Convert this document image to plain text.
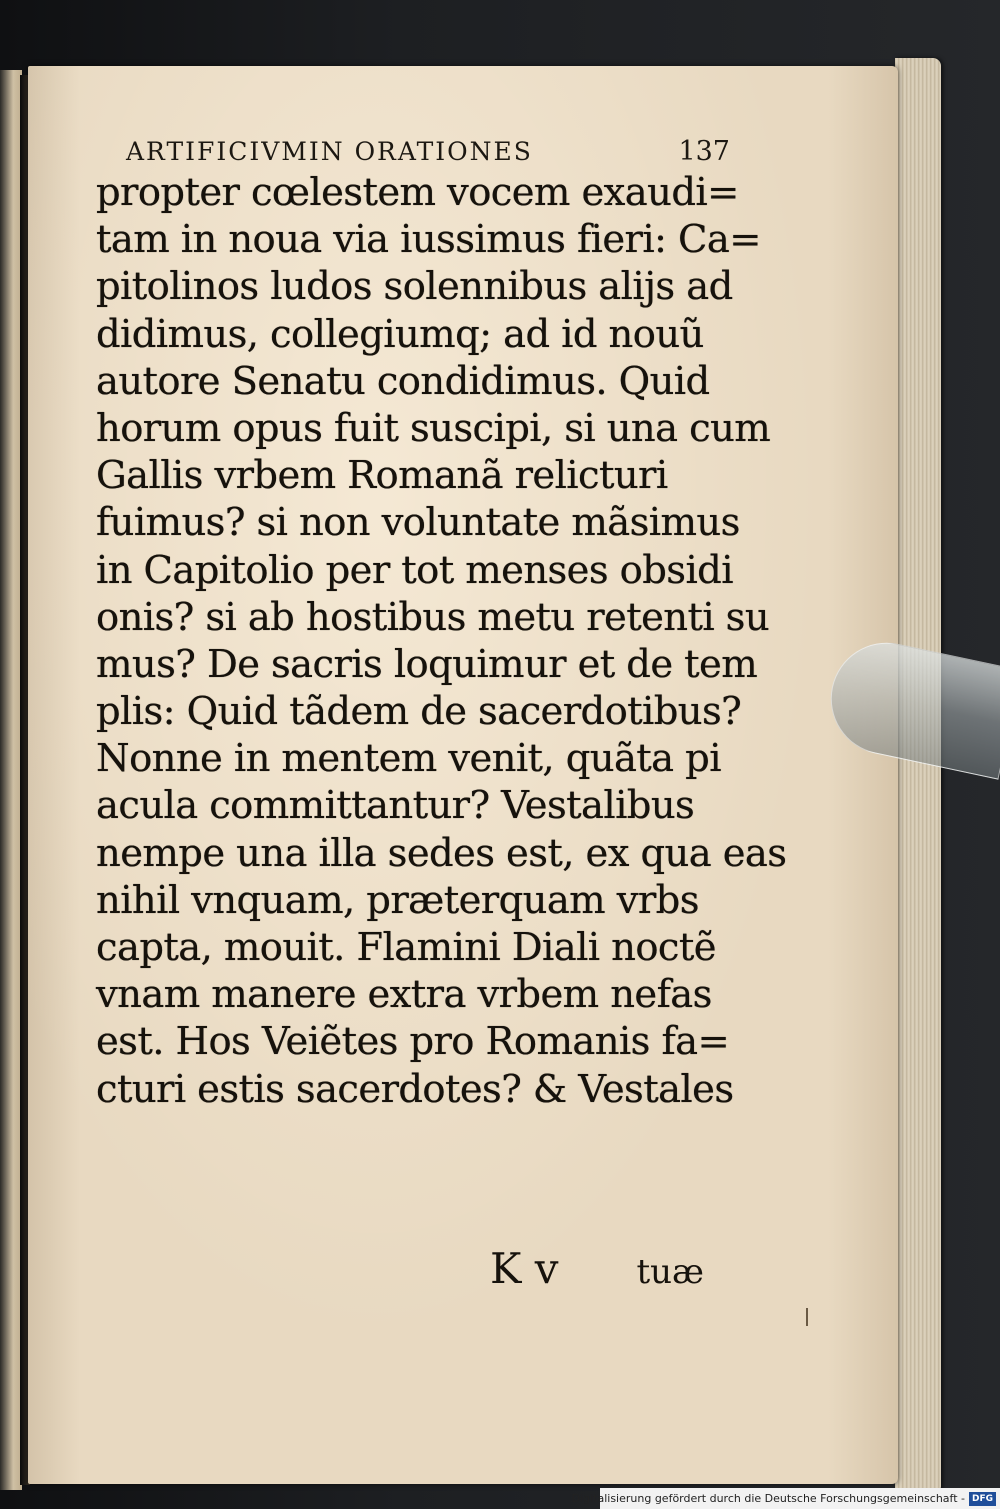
ARTIFICIVMIN ORATIONES	137
propter cœlestem vocem exaudi=
tam in noua via iussimus fieri: Ca=
pitolinos ludos solennibus alijs ad
didimus, collegiumq; ad id nouũ
autore Senatu condidimus. Quid
horum opus fuit suscipi, si una cum
Gallis vrbem Romanã relicturi
fuimus? si non voluntate mãsimus
in Capitolio per tot menses obsidi
onis? si ab hostibus metu retenti su
mus? De sacris loquimur et de tem
plis: Quid tãdem de sacerdotibus?
Nonne in mentem venit, quãta pi
acula committantur? Vestalibus
nempe una illa sedes est, ex qua eas
nihil vnquam, præterquam vrbs
capta, mouit. Flamini Diali noctẽ
vnam manere extra vrbem nefas
est. Hos Veiẽtes pro Romanis fa=
cturi estis sacerdotes? & Vestales
K v tuæ
Digitalisierung gefördert durch die Deutsche Forschungsgemeinschaft - DFG
